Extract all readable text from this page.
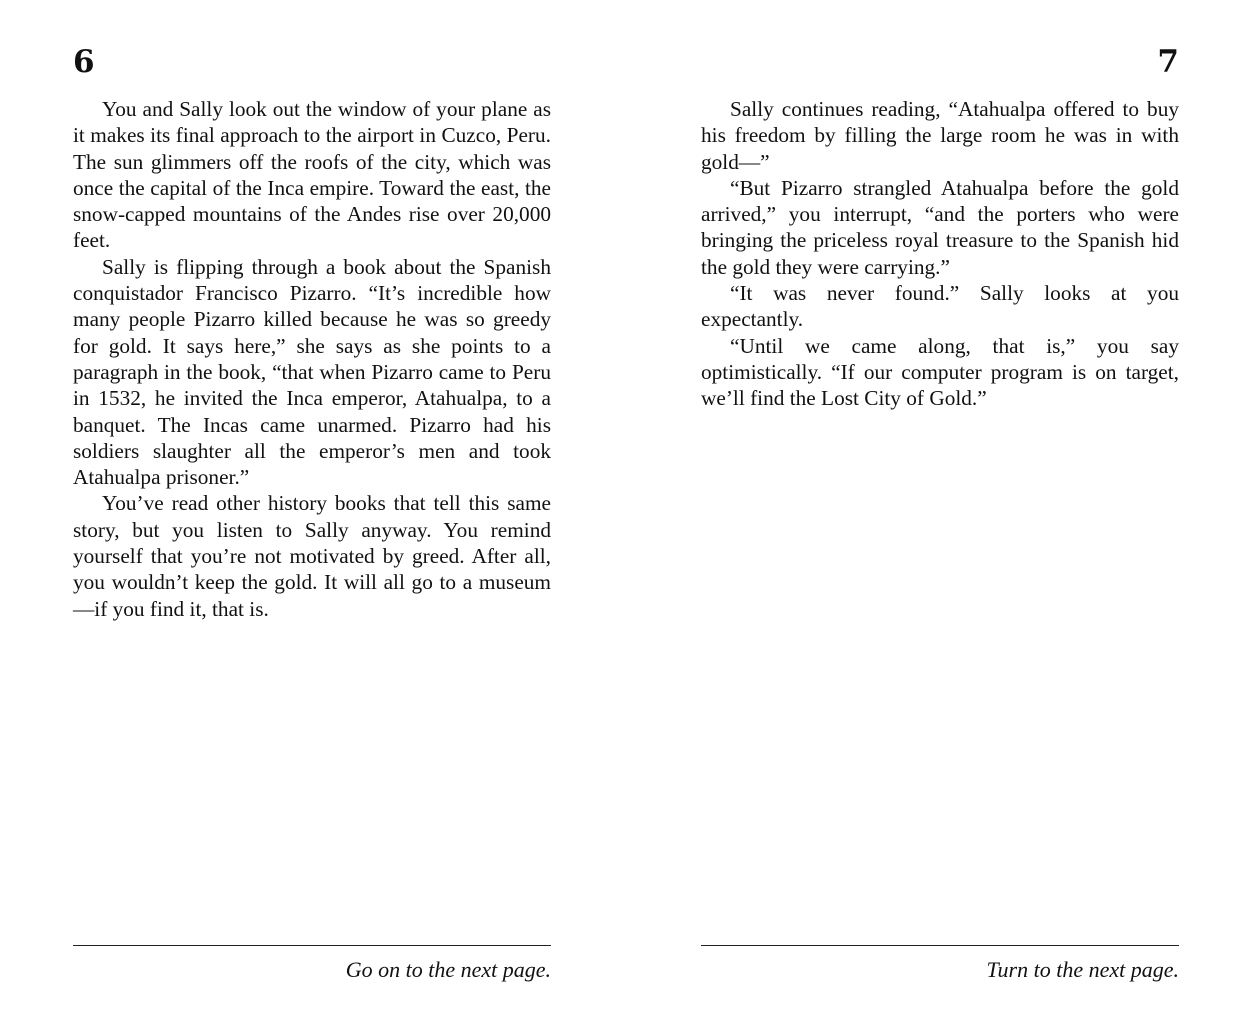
6

You and Sally look out the window of your plane as it makes its final approach to the airport in Cuzco, Peru. The sun glimmers off the roofs of the city, which was once the capital of the Inca empire. Toward the east, the snow-capped mountains of the Andes rise over 20,000 feet.

Sally is flipping through a book about the Spanish conquistador Francisco Pizarro. “It’s incredible how many people Pizarro killed because he was so greedy for gold. It says here,” she says as she points to a paragraph in the book, “that when Pizarro came to Peru in 1532, he invited the Inca emperor, Atahualpa, to a banquet. The Incas came unarmed. Pizarro had his soldiers slaughter all the emperor’s men and took Atahualpa prisoner.”

You’ve read other history books that tell this same story, but you listen to Sally anyway. You remind yourself that you’re not motivated by greed. After all, you wouldn’t keep the gold. It will all go to a museum—if you find it, that is.

Go on to the next page.
7

Sally continues reading, “Atahualpa offered to buy his freedom by filling the large room he was in with gold—”

“But Pizarro strangled Atahualpa before the gold arrived,” you interrupt, “and the porters who were bringing the priceless royal treasure to the Spanish hid the gold they were carrying.”

“It was never found.” Sally looks at you expectantly.

“Until we came along, that is,” you say optimistically. “If our computer program is on target, we’ll find the Lost City of Gold.”

Turn to the next page.
